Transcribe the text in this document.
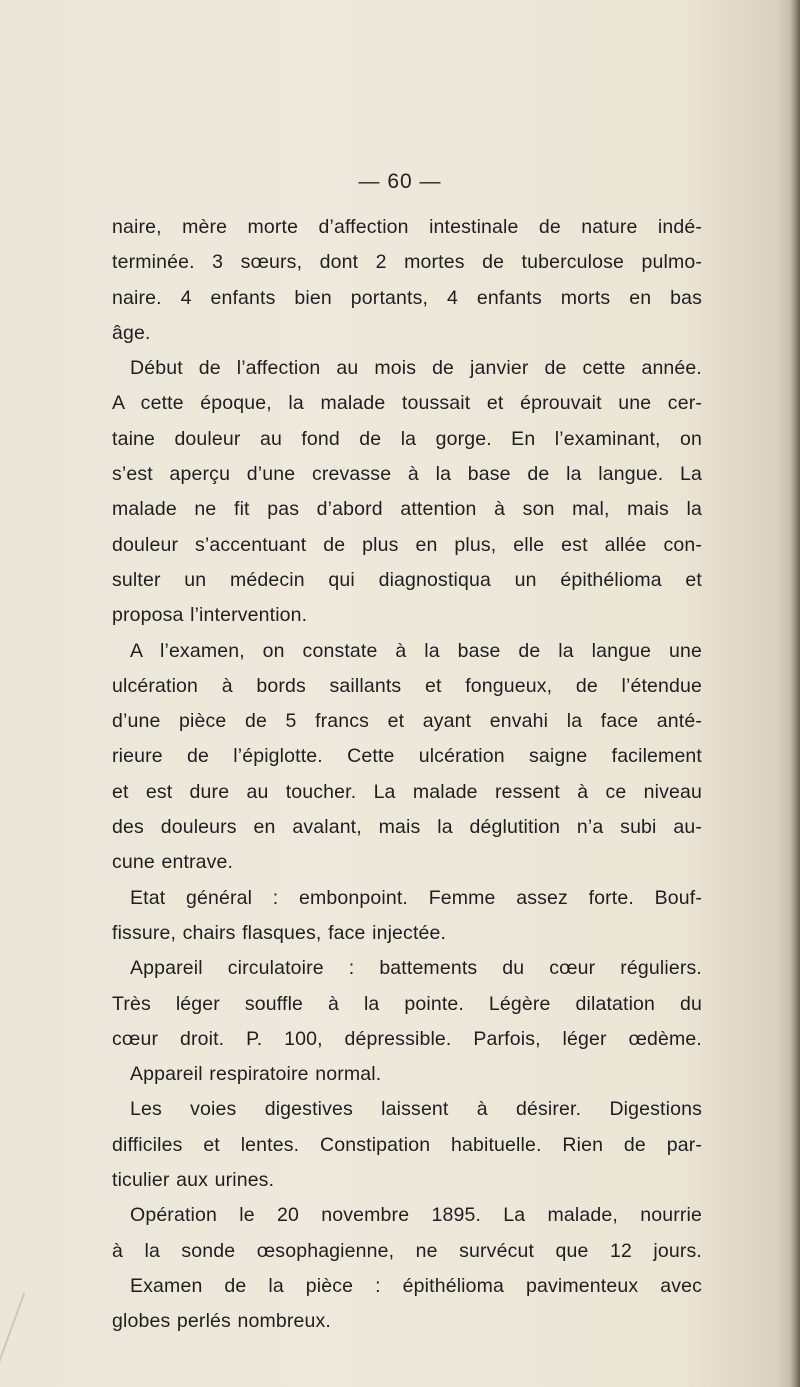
— 60 —
naire, mère morte d’affection intestinale de nature indé-
terminée. 3 sœurs, dont 2 mortes de tuberculose pulmo-
naire. 4 enfants bien portants, 4 enfants morts en bas
âge.
Début de l’affection au mois de janvier de cette année.
A cette époque, la malade toussait et éprouvait une cer-
taine douleur au fond de la gorge. En l’examinant, on
s’est aperçu d’une crevasse à la base de la langue. La
malade ne fit pas d’abord attention à son mal, mais la
douleur s’accentuant de plus en plus, elle est allée con-
sulter un médecin qui diagnostiqua un épithélioma et
proposa l’intervention.
A l’examen, on constate à la base de la langue une
ulcération à bords saillants et fongueux, de l’étendue
d’une pièce de 5 francs et ayant envahi la face anté-
rieure de l’épiglotte. Cette ulcération saigne facilement
et est dure au toucher. La malade ressent à ce niveau
des douleurs en avalant, mais la déglutition n’a subi au-
cune entrave.
Etat général : embonpoint. Femme assez forte. Bouf-
fissure, chairs flasques, face injectée.
Appareil circulatoire : battements du cœur réguliers.
Très léger souffle à la pointe. Légère dilatation du
cœur droit. P. 100, dépressible. Parfois, léger œdème.
Appareil respiratoire normal.
Les voies digestives laissent à désirer. Digestions
difficiles et lentes. Constipation habituelle. Rien de par-
ticulier aux urines.
Opération le 20 novembre 1895. La malade, nourrie
à la sonde œsophagienne, ne survécut que 12 jours.
Examen de la pièce : épithélioma pavimenteux avec
globes perlés nombreux.
